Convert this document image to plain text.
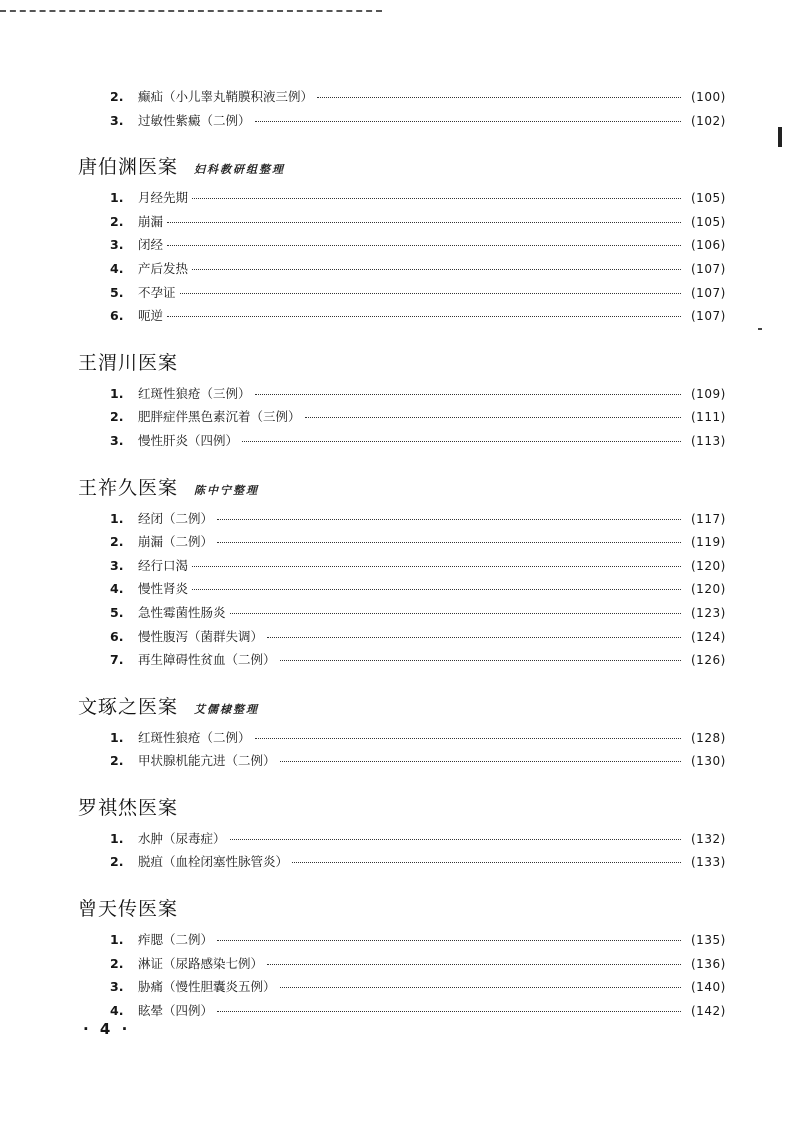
2.	癫疝（小儿睾丸鞘膜积液三例）	(100)
3.	过敏性紫癜（二例）	(102)
唐伯渊医案 妇科教研组整理
1.	月经先期	(105)
2.	崩漏	(105)
3.	闭经	(106)
4.	产后发热	(107)
5.	不孕证	(107)
6.	呃逆	(107)
王渭川医案
1.	红斑性狼疮（三例）	(109)
2.	肥胖症伴黑色素沉着（三例）	(111)
3.	慢性肝炎（四例）	(113)
王祚久医案 陈中宁整理
1.	经闭（二例）	(117)
2.	崩漏（二例）	(119)
3.	经行口渴	(120)
4.	慢性肾炎	(120)
5.	急性霉菌性肠炎	(123)
6.	慢性腹泻（菌群失调）	(124)
7.	再生障碍性贫血（二例）	(126)
文琢之医案 艾儒棣整理
1.	红斑性狼疮（二例）	(128)
2.	甲状腺机能亢进（二例）	(130)
罗祺烋医案
1.	水肿（尿毒症）	(132)
2.	脱疽（血栓闭塞性脉管炎）	(133)
曾天传医案
1.	痄腮（二例）	(135)
2.	淋证（尿路感染七例）	(136)
3.	胁痛（慢性胆囊炎五例）	(140)
4.	眩晕（四例）	(142)
· 4 ·
